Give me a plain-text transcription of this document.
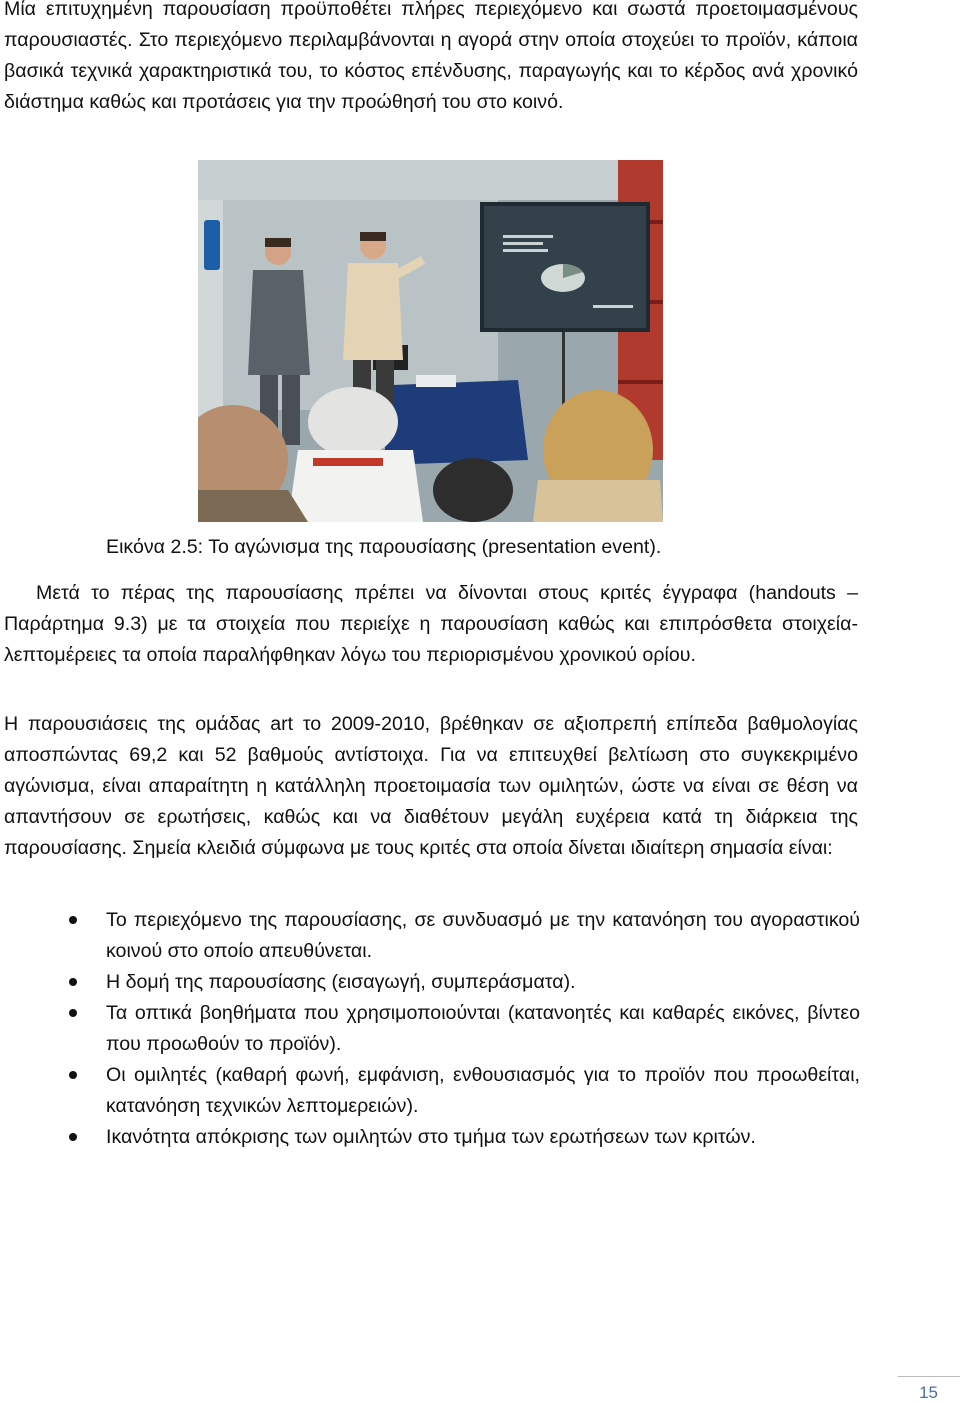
Μία επιτυχημένη παρουσίαση προϋποθέτει πλήρες περιεχόμενο και σωστά προετοιμασμένους παρουσιαστές. Στο περιεχόμενο περιλαμβάνονται η αγορά στην οποία στοχεύει το προϊόν, κάποια βασικά τεχνικά χαρακτηριστικά του, το κόστος επένδυσης, παραγωγής και το κέρδος ανά χρονικό διάστημα καθώς και προτάσεις για την προώθησή του στο κοινό.

Εικόνα 2.5: Το αγώνισμα της παρουσίασης (presentation event).

Μετά το πέρας της παρουσίασης πρέπει να δίνονται στους κριτές έγγραφα (handouts – Παράρτημα 9.3) με τα στοιχεία που περιείχε η παρουσίαση καθώς και επιπρόσθετα στοιχεία-λεπτομέρειες τα οποία παραλήφθηκαν λόγω του περιορισμένου χρονικού ορίου.

Η παρουσιάσεις της ομάδας art το 2009-2010, βρέθηκαν σε αξιοπρεπή επίπεδα βαθμολογίας αποσπώντας 69,2 και 52 βαθμούς αντίστοιχα. Για να επιτευχθεί βελτίωση στο συγκεκριμένο αγώνισμα, είναι απαραίτητη η κατάλληλη προετοιμασία των ομιλητών, ώστε να είναι σε θέση να απαντήσουν σε ερωτήσεις, καθώς και να διαθέτουν μεγάλη ευχέρεια κατά τη διάρκεια της παρουσίασης. Σημεία κλειδιά σύμφωνα με τους κριτές στα οποία δίνεται ιδιαίτερη σημασία είναι:

Το περιεχόμενο της παρουσίασης, σε συνδυασμό με την κατανόηση του αγοραστικού κοινού στο οποίο απευθύνεται.
Η δομή της παρουσίασης (εισαγωγή, συμπεράσματα).
Τα οπτικά βοηθήματα που χρησιμοποιούνται (κατανοητές και καθαρές εικόνες, βίντεο που προωθούν το προϊόν).
Οι ομιλητές (καθαρή φωνή, εμφάνιση, ενθουσιασμός για το προϊόν που προωθείται, κατανόηση τεχνικών λεπτομερειών).
Ικανότητα απόκρισης των ομιλητών στο τμήμα των ερωτήσεων των κριτών.
15
